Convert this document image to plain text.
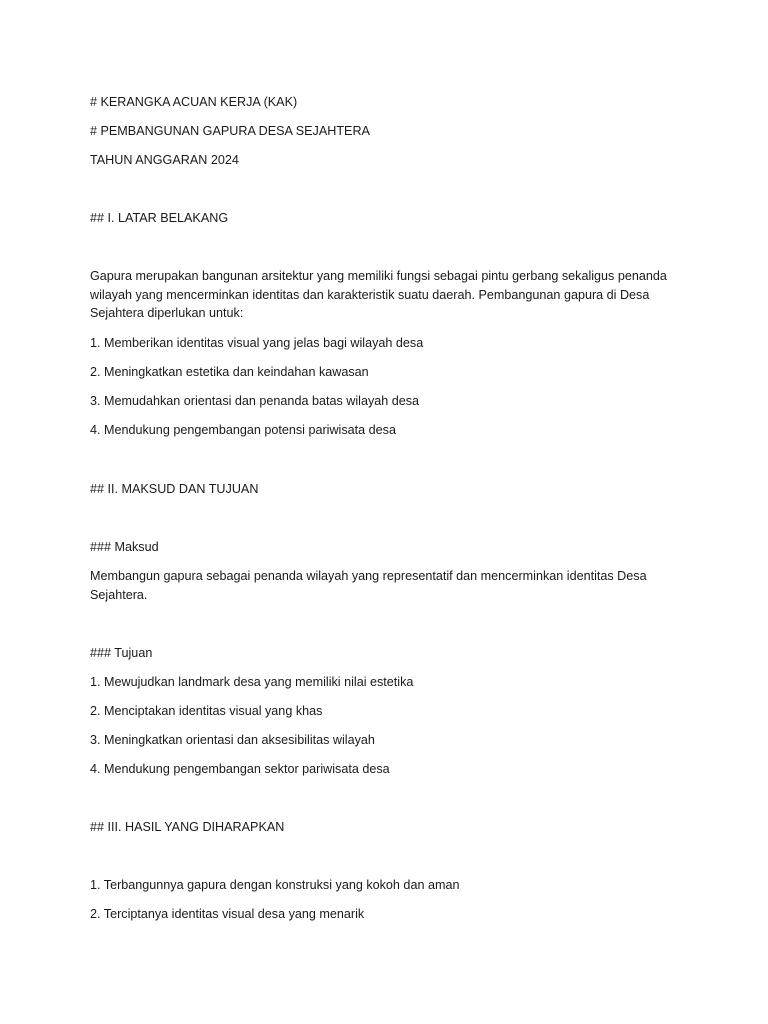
# KERANGKA ACUAN KERJA (KAK)
# PEMBANGUNAN GAPURA DESA SEJAHTERA
TAHUN ANGGARAN 2024
## I. LATAR BELAKANG
Gapura merupakan bangunan arsitektur yang memiliki fungsi sebagai pintu gerbang sekaligus penanda wilayah yang mencerminkan identitas dan karakteristik suatu daerah. Pembangunan gapura di Desa Sejahtera diperlukan untuk:
1. Memberikan identitas visual yang jelas bagi wilayah desa
2. Meningkatkan estetika dan keindahan kawasan
3. Memudahkan orientasi dan penanda batas wilayah desa
4. Mendukung pengembangan potensi pariwisata desa
## II. MAKSUD DAN TUJUAN
### Maksud
Membangun gapura sebagai penanda wilayah yang representatif dan mencerminkan identitas Desa Sejahtera.
### Tujuan
1. Mewujudkan landmark desa yang memiliki nilai estetika
2. Menciptakan identitas visual yang khas
3. Meningkatkan orientasi dan aksesibilitas wilayah
4. Mendukung pengembangan sektor pariwisata desa
## III. HASIL YANG DIHARAPKAN
1. Terbangunnya gapura dengan konstruksi yang kokoh dan aman
2. Terciptanya identitas visual desa yang menarik
